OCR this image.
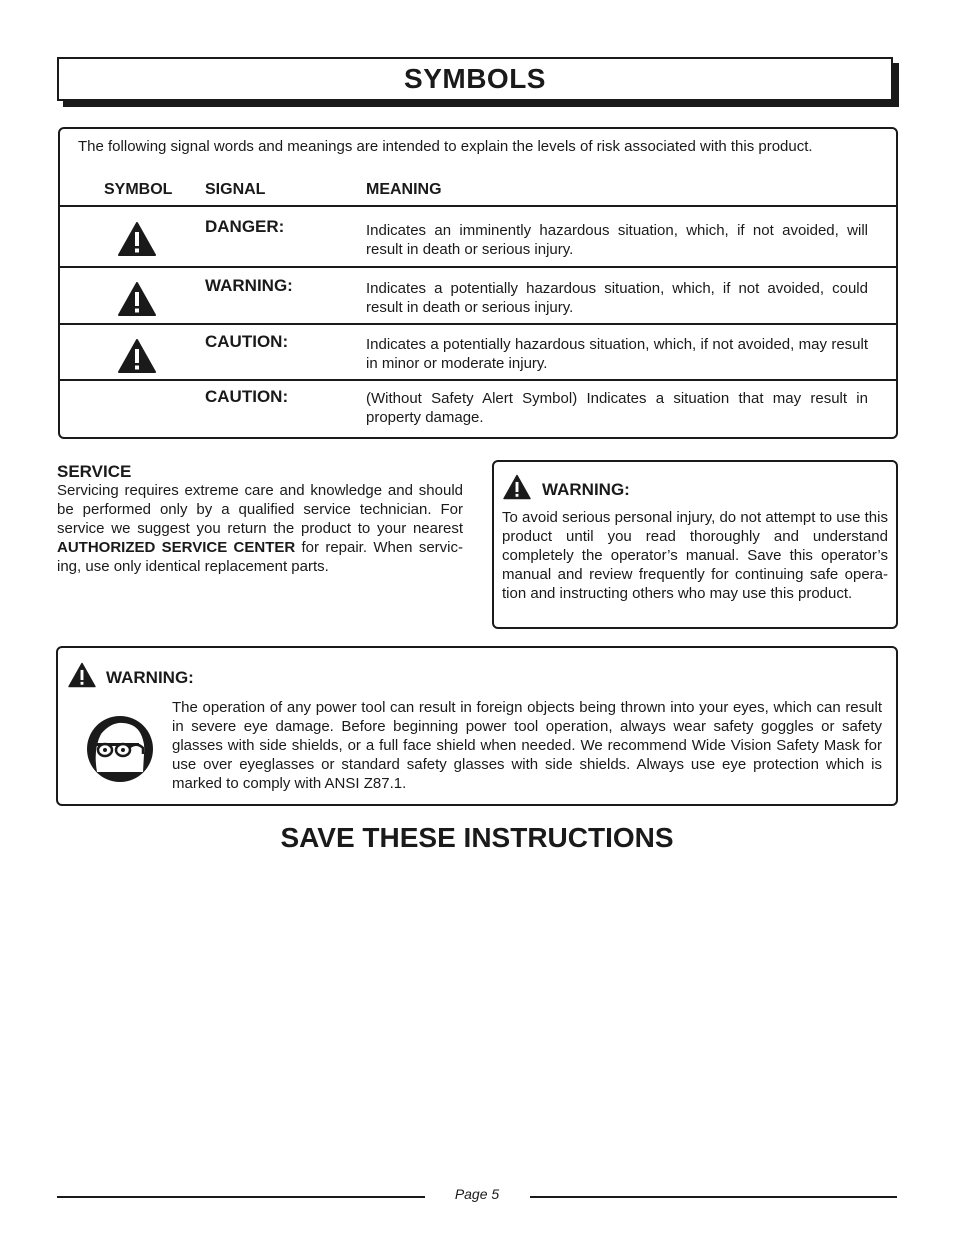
SYMBOLS
The following signal words and meanings are intended to explain the levels of risk associated with this product.
SYMBOL SIGNAL	MEANING
DANGER:	Indicates an imminently hazardous situation, which, if not avoided, will result in death or serious injury.
WARNING:	Indicates a potentially hazardous situation, which, if not avoided, could result in death or serious injury.
CAUTION:	Indicates a potentially hazardous situation, which, if not avoided, may result in minor or moderate injury.
CAUTION:	(Without Safety Alert Symbol) Indicates a situation that may result in property damage.
SERVICE
Servicing requires extreme care and knowledge and should be performed only by a qualified service technician. For service we suggest you return the product to your nearest AUTHORIZED SERVICE CENTER for repair. When servic-ing, use only identical replacement parts.
WARNING:
To avoid serious personal injury, do not attempt to use this product until you read thoroughly and understand completely the operator’s manual. Save this operator’s manual and review frequently for continuing safe opera-tion and instructing others who may use this product.
WARNING:
The operation of any power tool can result in foreign objects being thrown into your eyes, which can result in severe eye damage. Before beginning power tool operation, always wear safety goggles or safety glasses with side shields, or a full face shield when needed. We recommend Wide Vision Safety Mask for use over eyeglasses or standard safety glasses with side shields. Always use eye protection which is marked to comply with ANSI Z87.1.
SAVE THESE INSTRUCTIONS
Page 5
